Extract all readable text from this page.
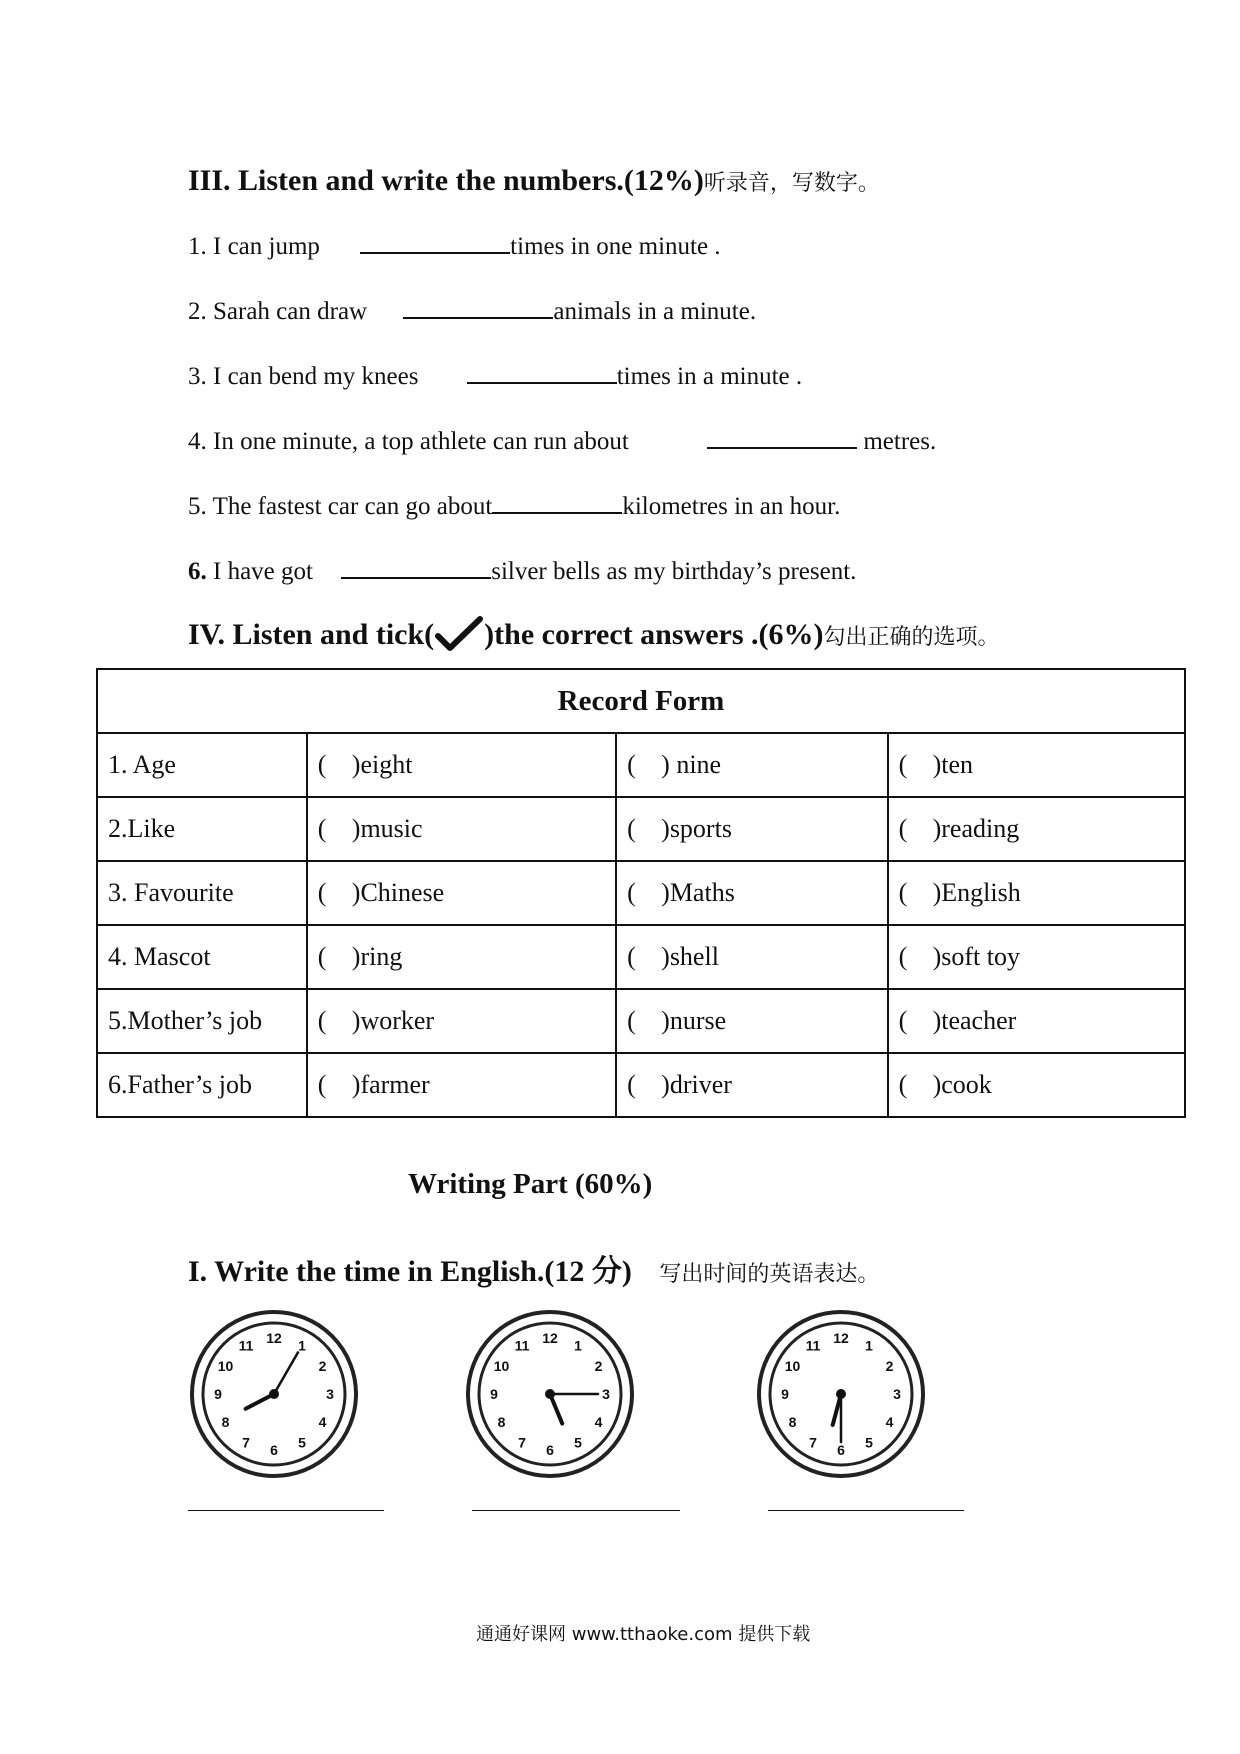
III. Listen and write the numbers.(12%)听录音，写数字。
1. I can jump	times in one minute .
2. Sarah can draw	animals in a minute.
3. I can bend my knees	times in a minute .
4. In one minute, a top athlete can run about	metres.
5. The fastest car can go about	kilometres in an hour.
6. I have got	silver bells as my birthday’s present.
IV. Listen and tick( )the correct answers .(6%)勾出正确的选项。
Record Form			
1. Age	( )eight	( ) nine	( )ten
2.Like	( )music	( )sports	( )reading
3. Favourite	( )Chinese	( )Maths	( )English
4. Mascot	( )ring	( )shell	( )soft toy
5.Mother’s job	( )worker	( )nurse	( )teacher
6.Father’s job	( )farmer	( )driver	( )cook
Writing Part (60%)
I. Write the time in English.(12 分) 写出时间的英语表达。
1
2
3
4
5
6
7
8
9
10
11 12	1
2
3
4
5
6
7
8
9
10
11 12	1
2
3
4
5
6
7
8
9
10
11 12
通通好课网 www.tthaoke.com 提供下载
